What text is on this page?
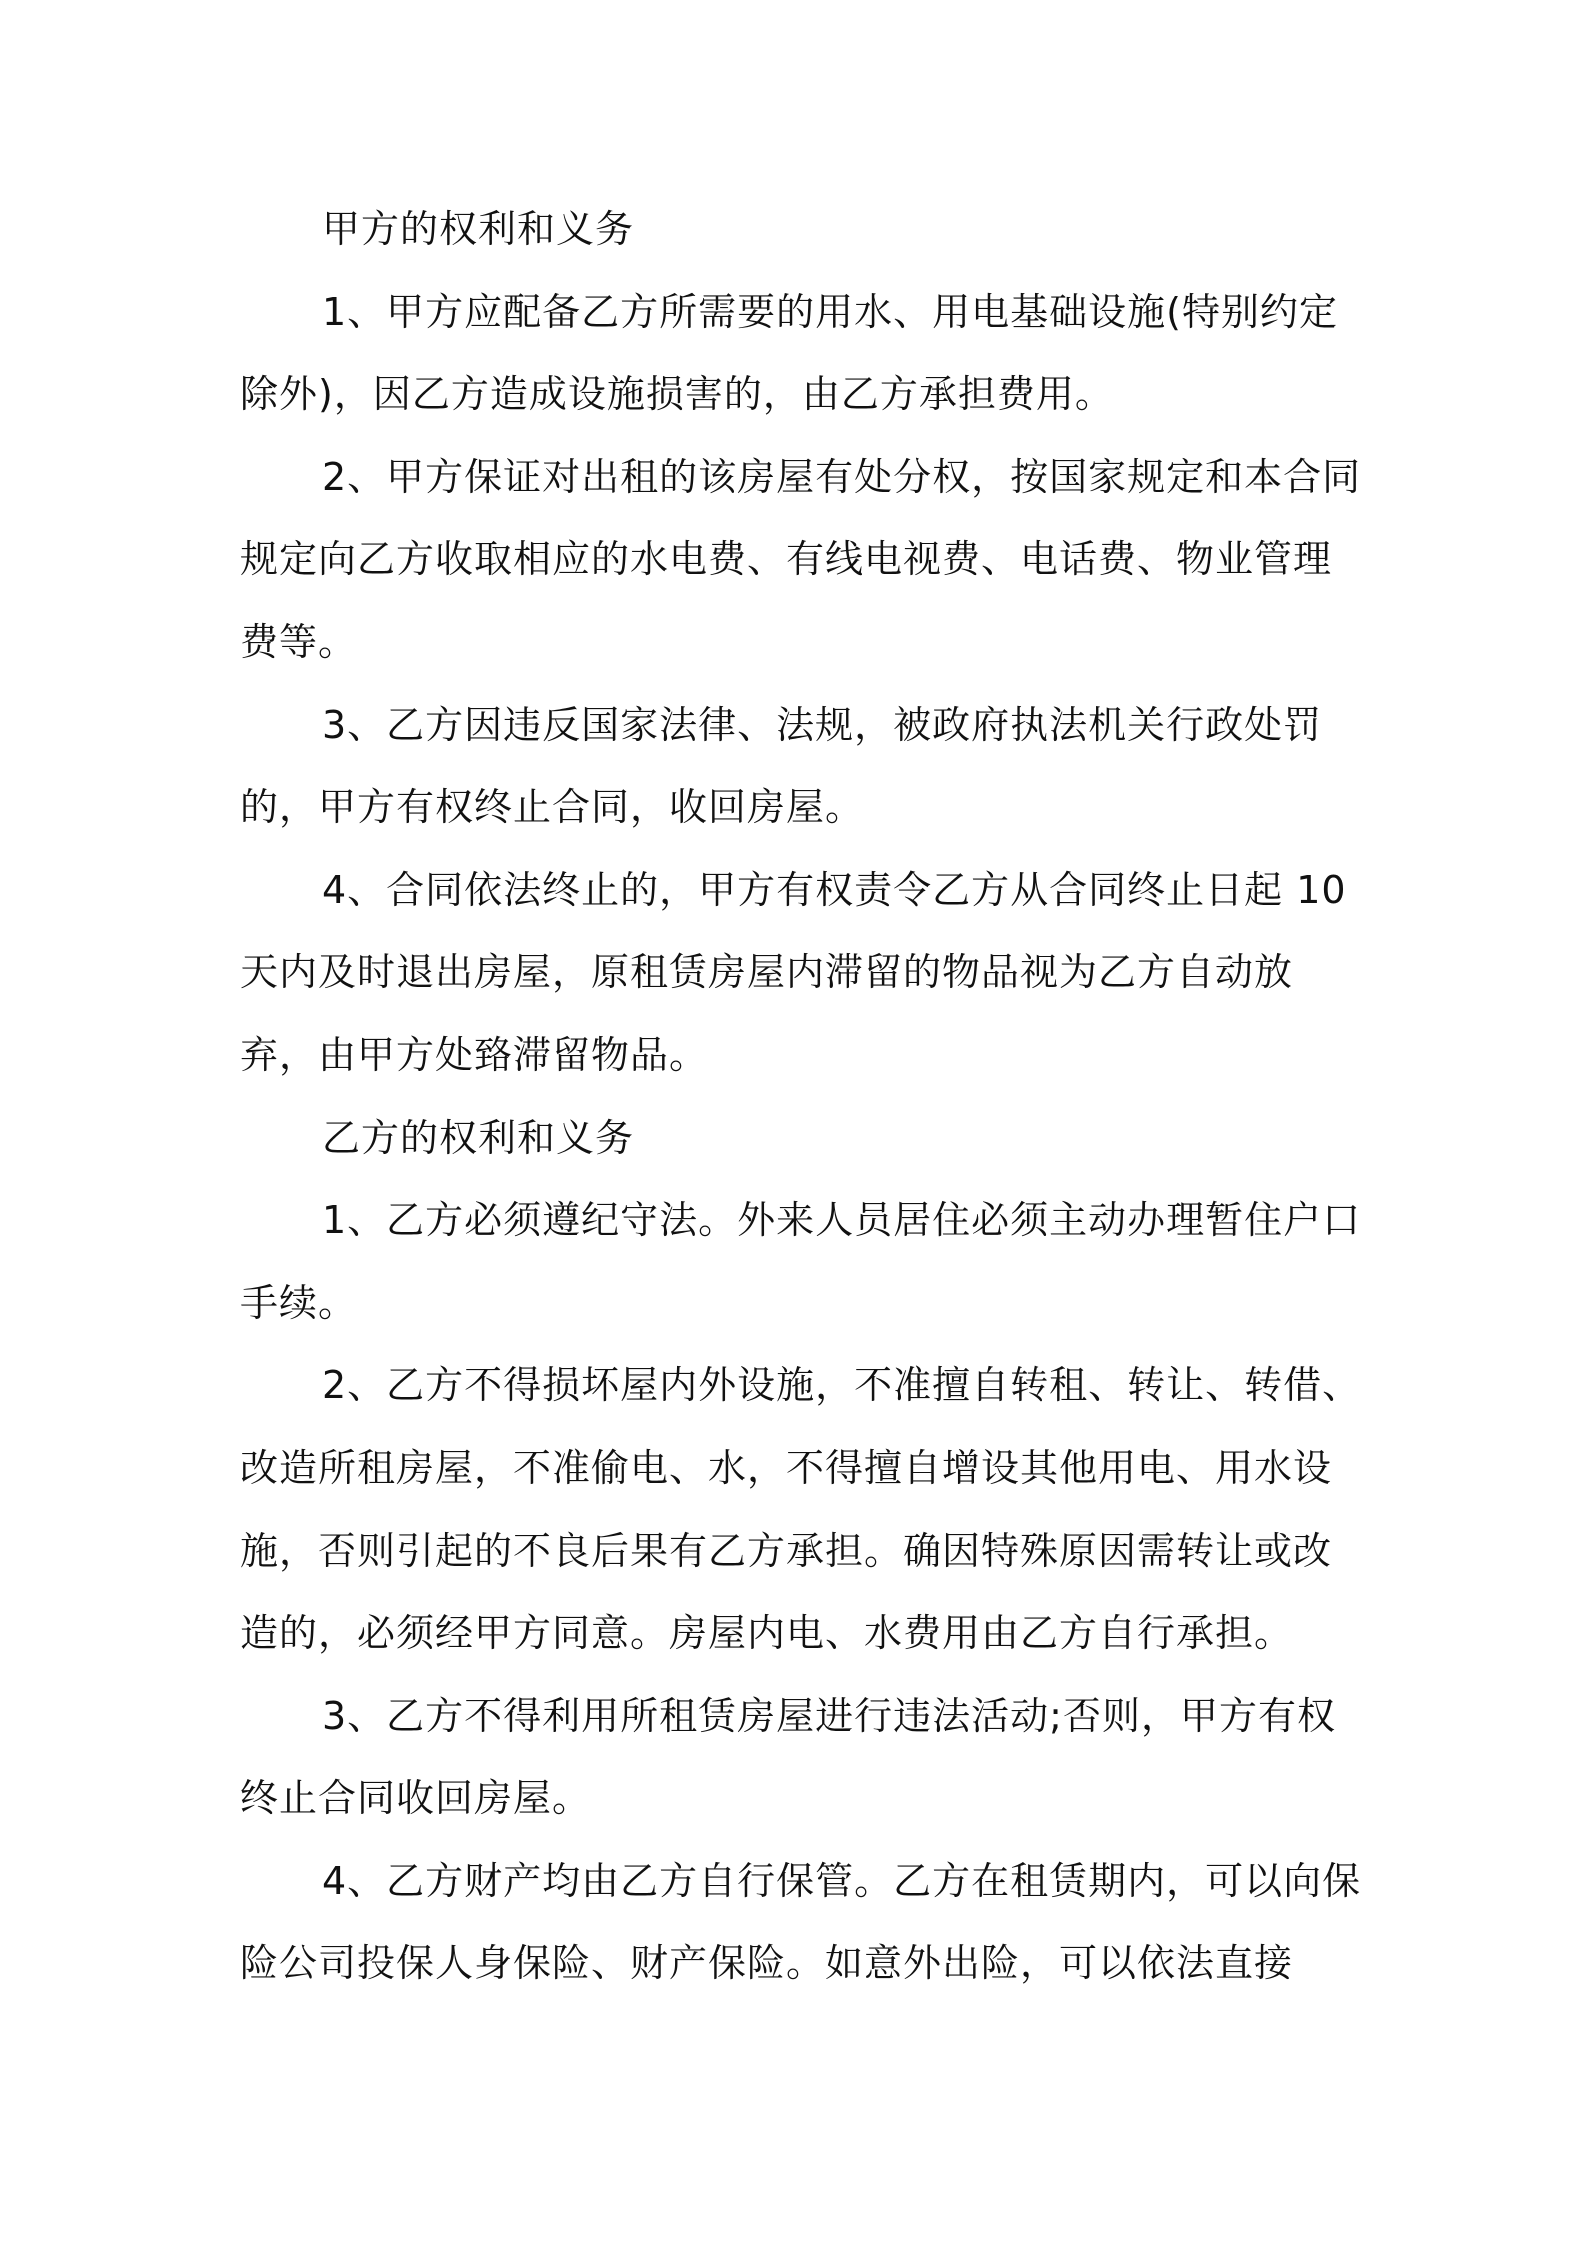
甲方的权利和义务

1、甲方应配备乙方所需要的用水、用电基础设施(特别约定除外)，因乙方造成设施损害的，由乙方承担费用。

2、甲方保证对出租的该房屋有处分权，按国家规定和本合同规定向乙方收取相应的水电费、有线电视费、电话费、物业管理费等。

3、乙方因违反国家法律、法规，被政府执法机关行政处罚的，甲方有权终止合同，收回房屋。

4、合同依法终止的，甲方有权责令乙方从合同终止日起 10 天内及时退出房屋，原租赁房屋内滞留的物品视为乙方自动放弃，由甲方处臵滞留物品。

乙方的权利和义务

1、乙方必须遵纪守法。外来人员居住必须主动办理暂住户口手续。

2、乙方不得损坏屋内外设施，不准擅自转租、转让、转借、改造所租房屋，不准偷电、水，不得擅自增设其他用电、用水设施，否则引起的不良后果有乙方承担。确因特殊原因需转让或改造的，必须经甲方同意。房屋内电、水费用由乙方自行承担。

3、乙方不得利用所租赁房屋进行违法活动;否则，甲方有权终止合同收回房屋。

4、乙方财产均由乙方自行保管。乙方在租赁期内，可以向保险公司投保人身保险、财产保险。如意外出险，可以依法直接
